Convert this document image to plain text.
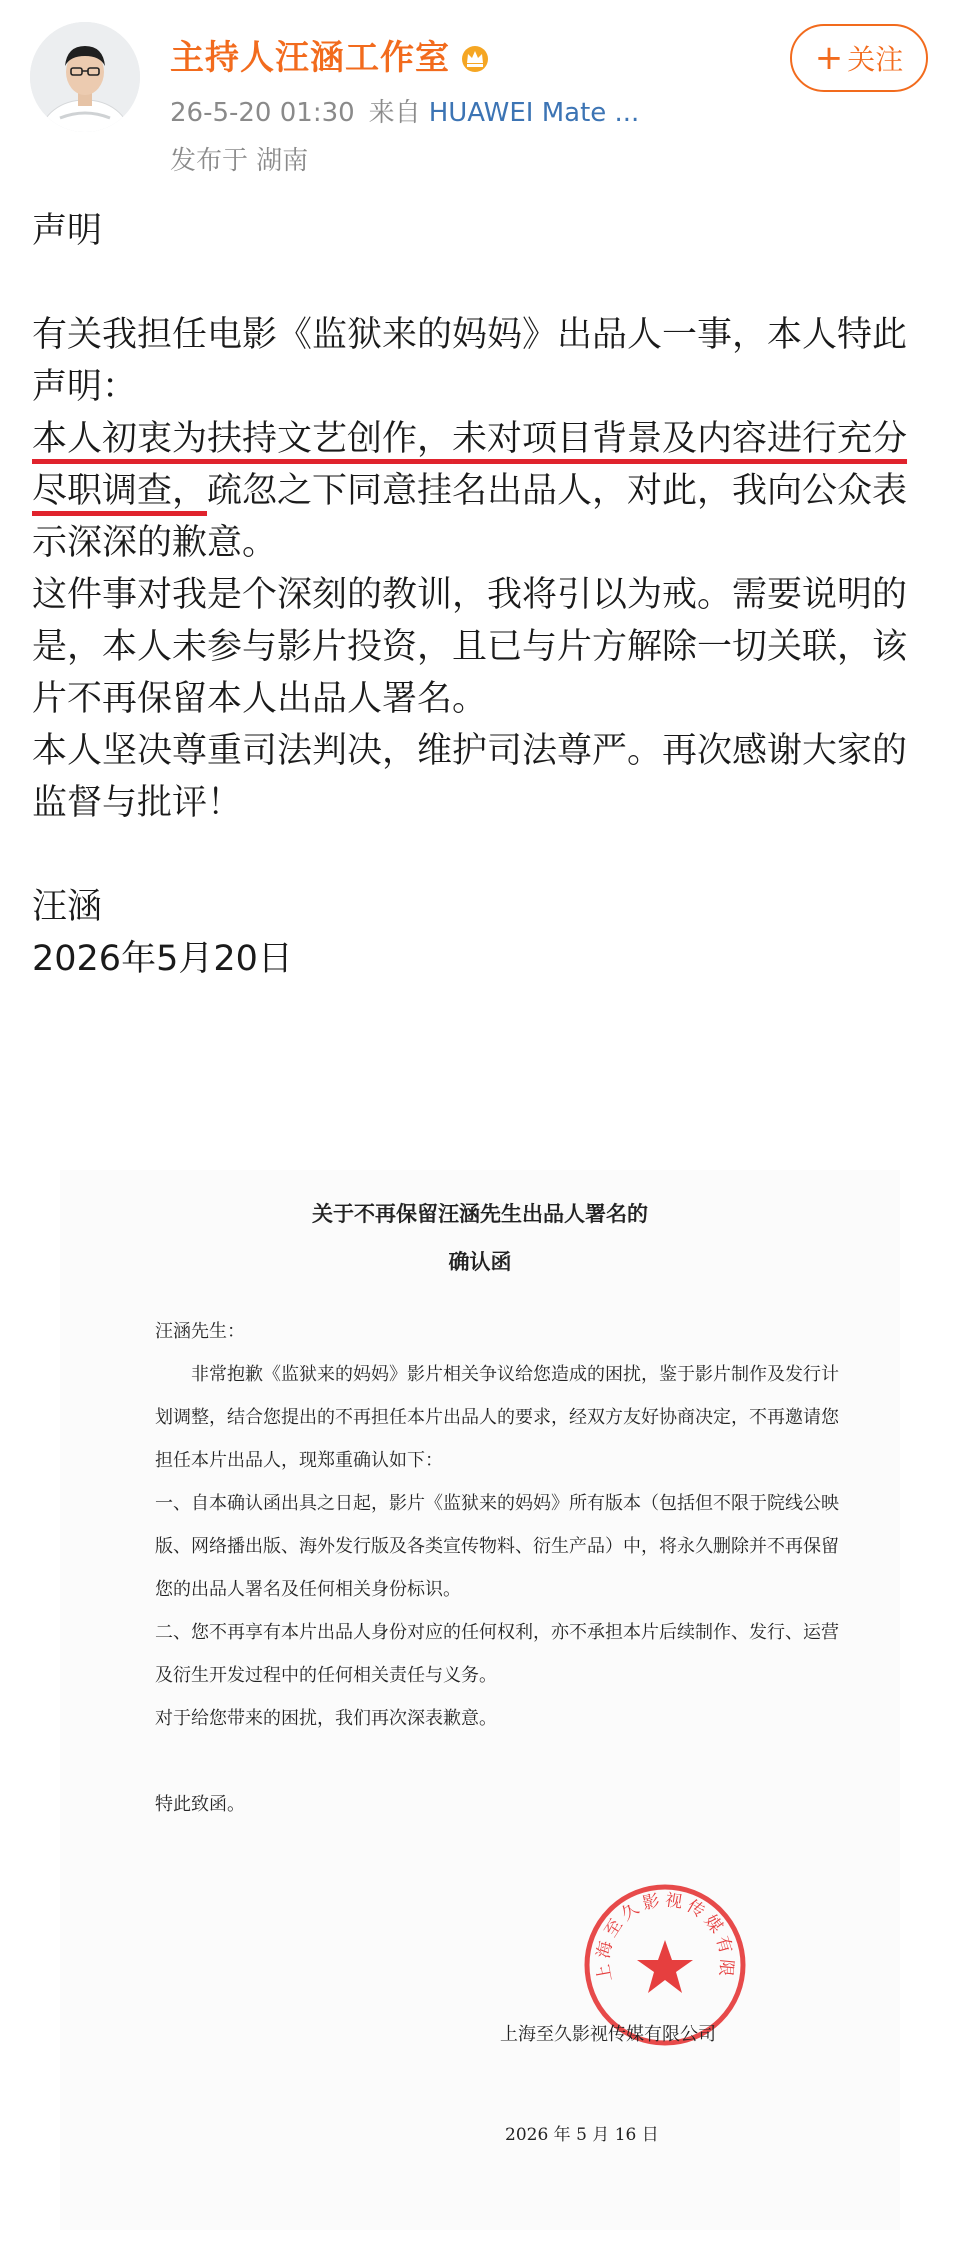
主持人汪涵工作室
26-5-20 01:30 来自 HUAWEI Mate ...
发布于 湖南
+ 关注

声明

有关我担任电影《监狱来的妈妈》出品人一事，本人特此声明：
本人初衷为扶持文艺创作，未对项目背景及内容进行充分尽职调查，疏忽之下同意挂名出品人，对此，我向公众表示深深的歉意。

这件事对我是个深刻的教训，我将引以为戒。需要说明的是，本人未参与影片投资，且已与片方解除一切关联，该片不再保留本人出品人署名。

本人坚决尊重司法判决，维护司法尊严。再次感谢大家的监督与批评！

汪涵

2026年5月20日

关于不再保留汪涵先生出品人署名的
确认函

汪涵先生：

非常抱歉《监狱来的妈妈》影片相关争议给您造成的困扰，鉴于影片制作及发行计划调整，结合您提出的不再担任本片出品人的要求，经双方友好协商决定，不再邀请您担任本片出品人，现郑重确认如下：

一、自本确认函出具之日起，影片《监狱来的妈妈》所有版本（包括但不限于院线公映版、网络播出版、海外发行版及各类宣传物料、衍生产品）中，将永久删除并不再保留您的出品人署名及任何相关身份标识。

二、您不再享有本片出品人身份对应的任何权利，亦不承担本片后续制作、发行、运营及衍生开发过程中的任何相关责任与义务。

对于给您带来的困扰，我们再次深表歉意。

特此致函。

上海至久影视传媒有限
上海至久影视传媒有限公司
2026 年 5 月 16 日
